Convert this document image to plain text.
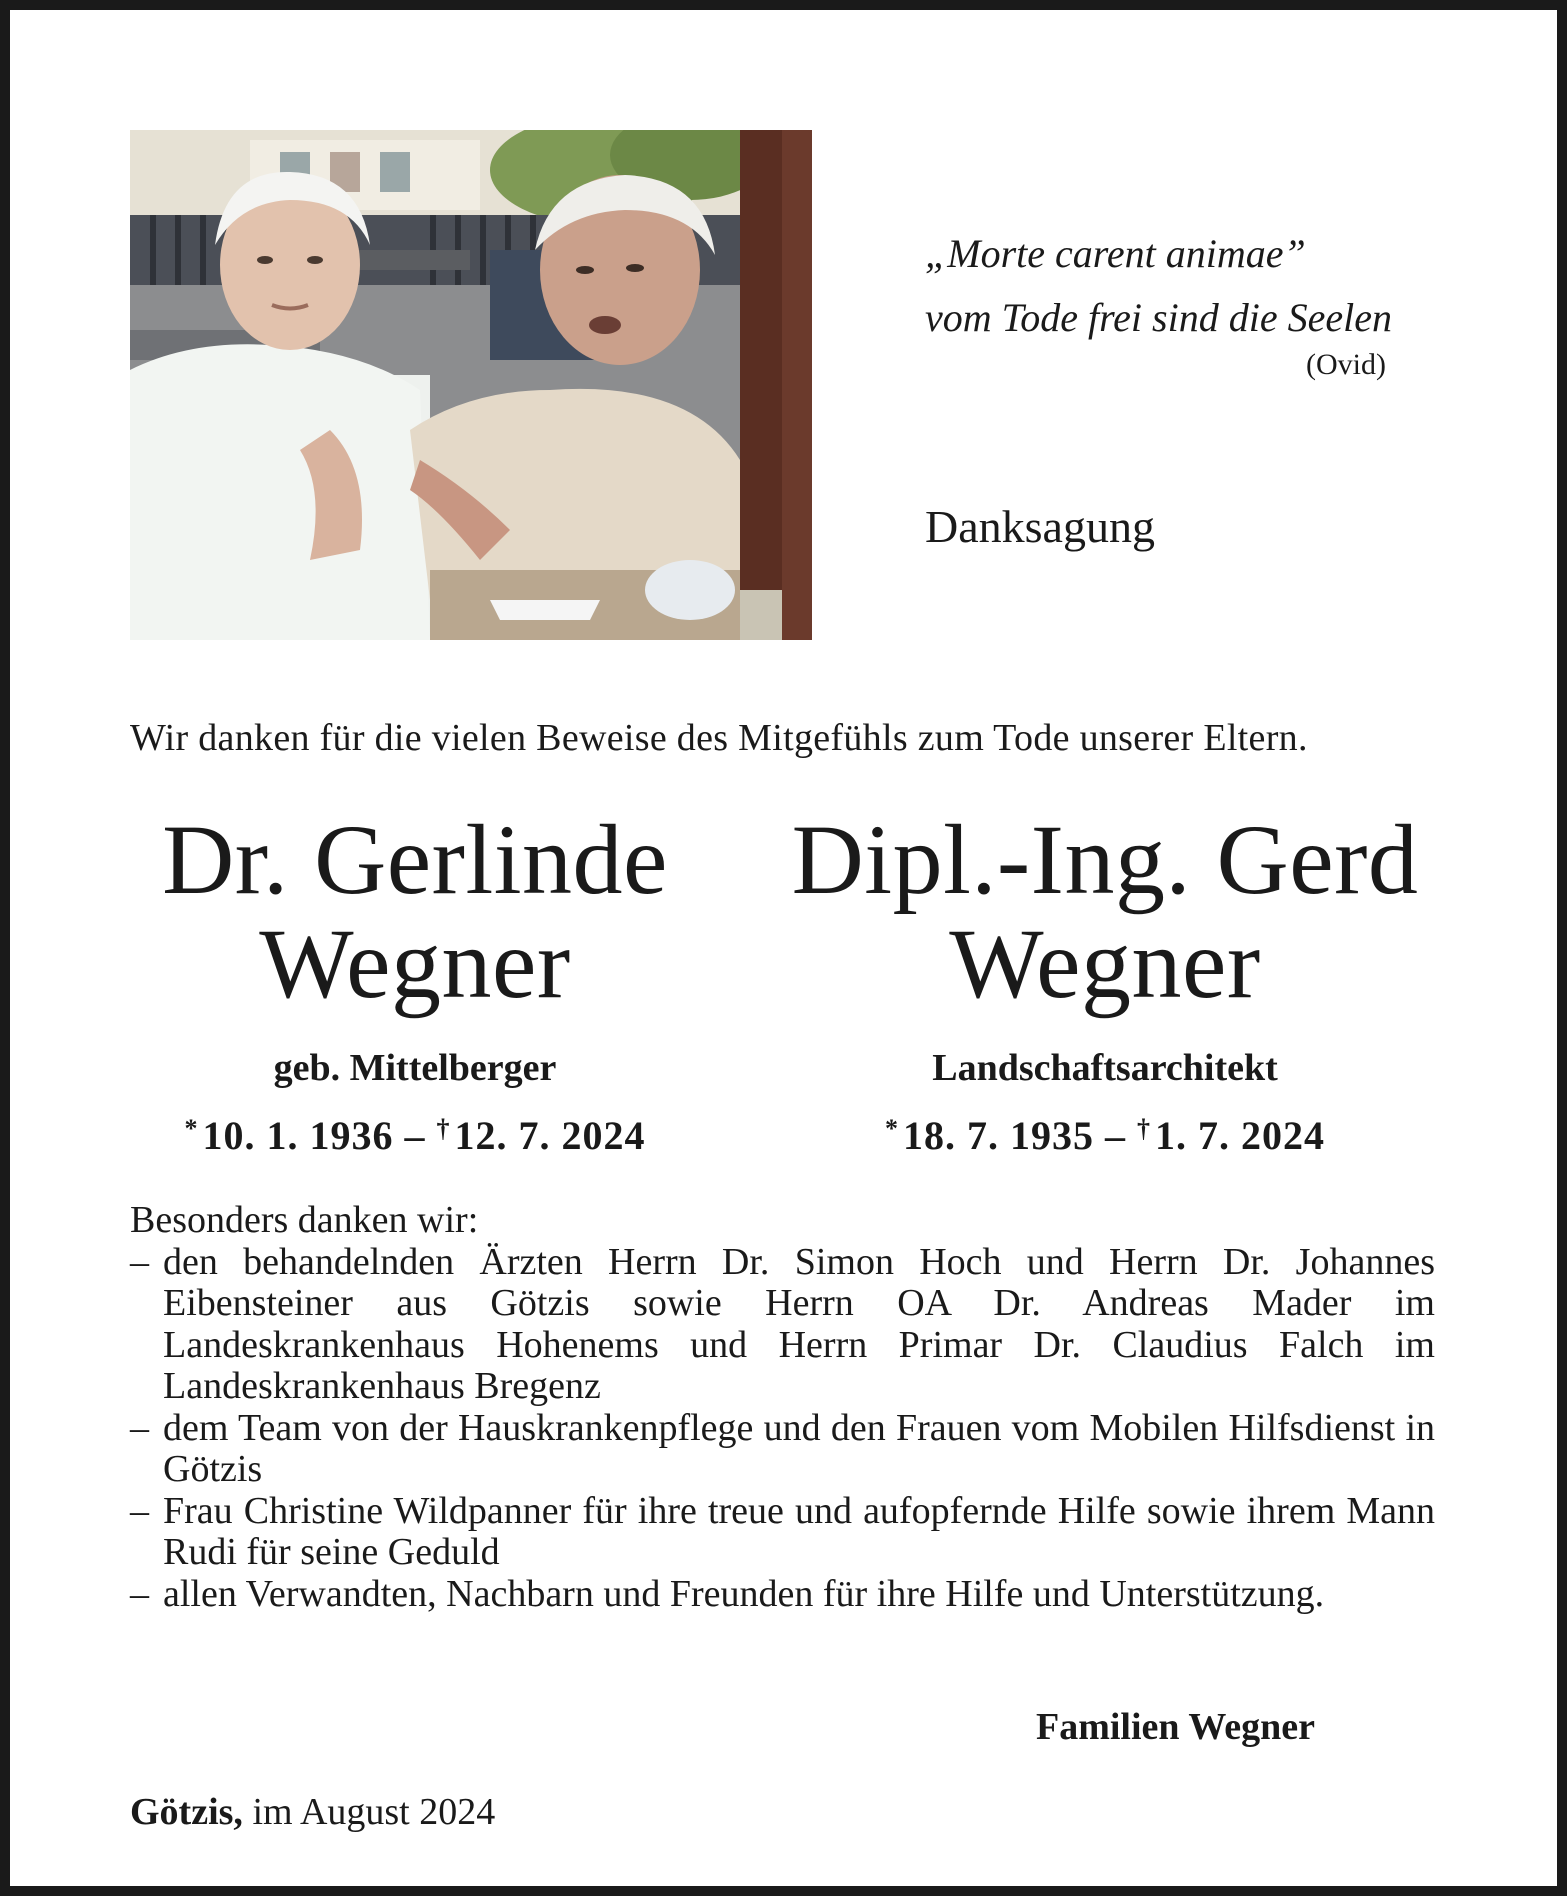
„Morte carent animae”
vom Tode frei sind die Seelen
(Ovid)
Danksagung
Wir danken für die vielen Beweise des Mitgefühls zum Tode unserer Eltern.
Dr. Gerlinde
Wegner
geb. Mittelberger
* 10. 1. 1936 – † 12. 7. 2024
Dipl.-Ing. Gerd
Wegner
Landschaftsarchitekt
* 18. 7. 1935 – † 1. 7. 2024
Besonders danken wir:
– den behandelnden Ärzten Herrn Dr. Simon Hoch und Herrn Dr. Johannes Eibensteiner aus Götzis sowie Herrn OA Dr. Andreas Mader im Landeskrankenhaus Hohenems und Herrn Primar Dr. Claudius Falch im Landeskrankenhaus Bregenz
– dem Team von der Hauskrankenpflege und den Frauen vom Mobilen Hilfsdienst in Götzis
– Frau Christine Wildpanner für ihre treue und aufopfernde Hilfe sowie ihrem Mann Rudi für seine Geduld
– allen Verwandten, Nachbarn und Freunden für ihre Hilfe und Unterstützung.
Familien Wegner
Götzis, im August 2024
